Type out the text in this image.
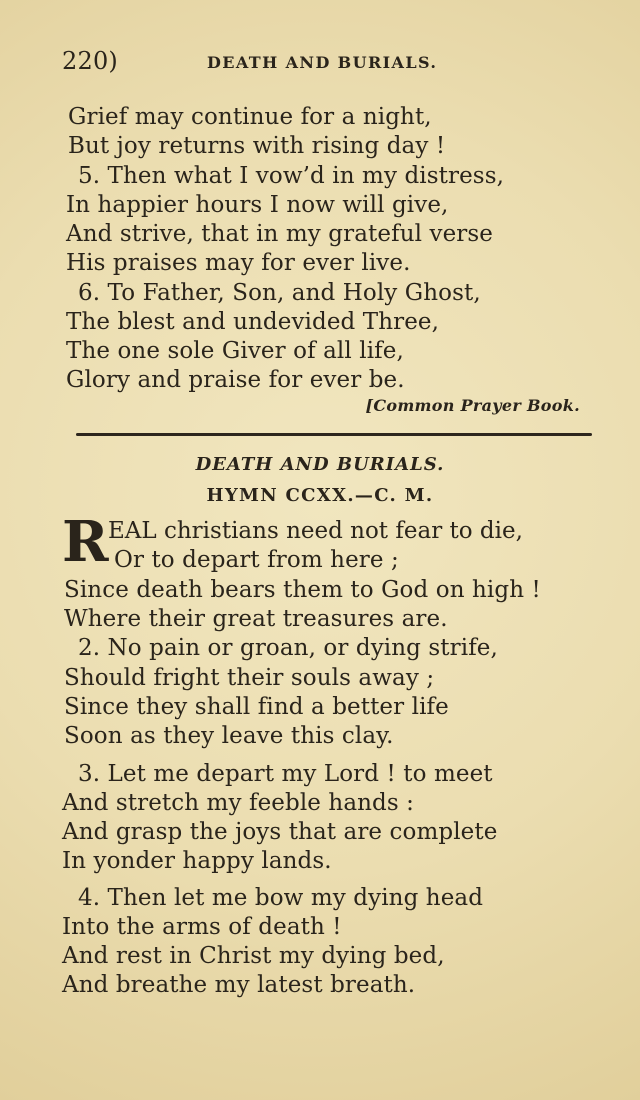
220)	DEATH AND BURIALS.
Grief may continue for a night,
But joy returns with rising day !
5. Then what I vow’d in my distress,
In happier hours I now will give,
And strive, that in my grateful verse
His praises may for ever live.
6. To Father, Son, and Holy Ghost,
The blest and undevided Three,
The one sole Giver of all life,
Glory and praise for ever be.
[Common Prayer Book.
DEATH AND BURIALS.
HYMN CCXX.—C. M.
R EAL christians need not fear to die,
Or to depart from here ;
Since death bears them to God on high !
Where their great treasures are.
2. No pain or groan, or dying strife,
Should fright their souls away ;
Since they shall find a better life
Soon as they leave this clay.
3. Let me depart my Lord ! to meet
And stretch my feeble hands :
And grasp the joys that are complete
In yonder happy lands.
4. Then let me bow my dying head
Into the arms of death !
And rest in Christ my dying bed,
And breathe my latest breath.
